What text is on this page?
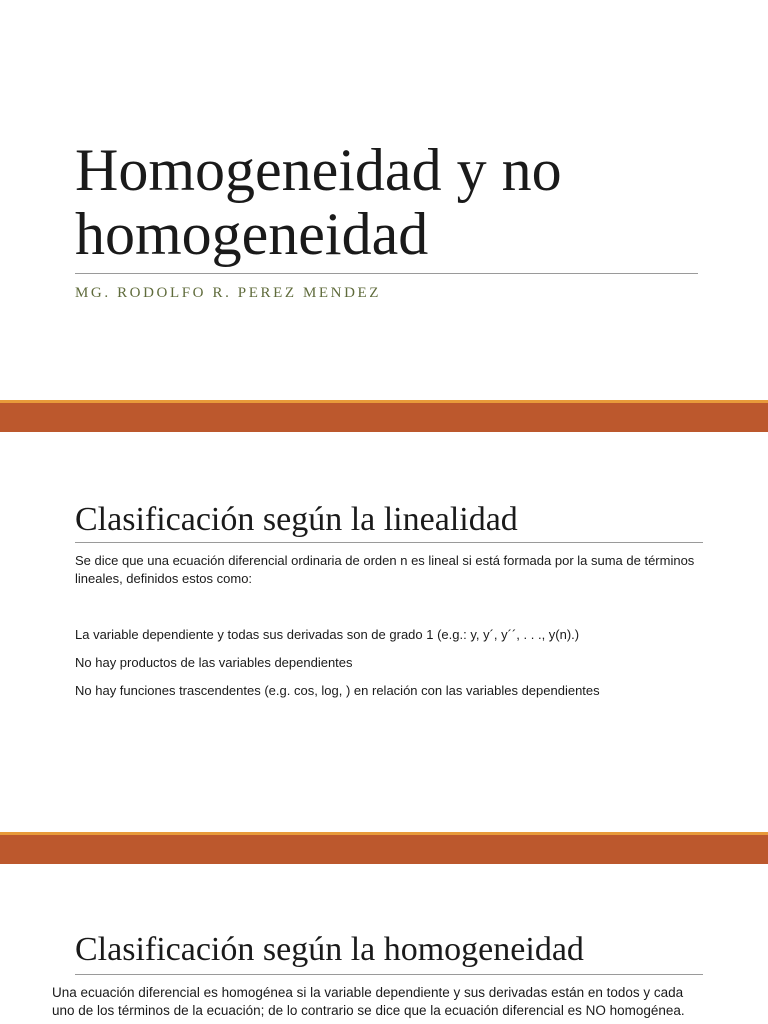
Homogeneidad y no homogeneidad
MG. RODOLFO R. PEREZ MENDEZ
Clasificación según la linealidad

Se dice que una ecuación diferencial ordinaria de orden n es lineal si está formada por la suma de términos lineales, definidos estos como:

La variable dependiente y todas sus derivadas son de grado 1 (e.g.: y, y´, y´´, . . ., y(n).)
No hay productos de las variables dependientes
No hay funciones trascendentes (e.g. cos, log, ) en relación con las variables dependientes
Clasificación según la homogeneidad

Una ecuación diferencial es homogénea si la variable dependiente y sus derivadas están en todos y cada uno de los términos de la ecuación; de lo contrario se dice que la ecuación diferencial es NO homogénea.
